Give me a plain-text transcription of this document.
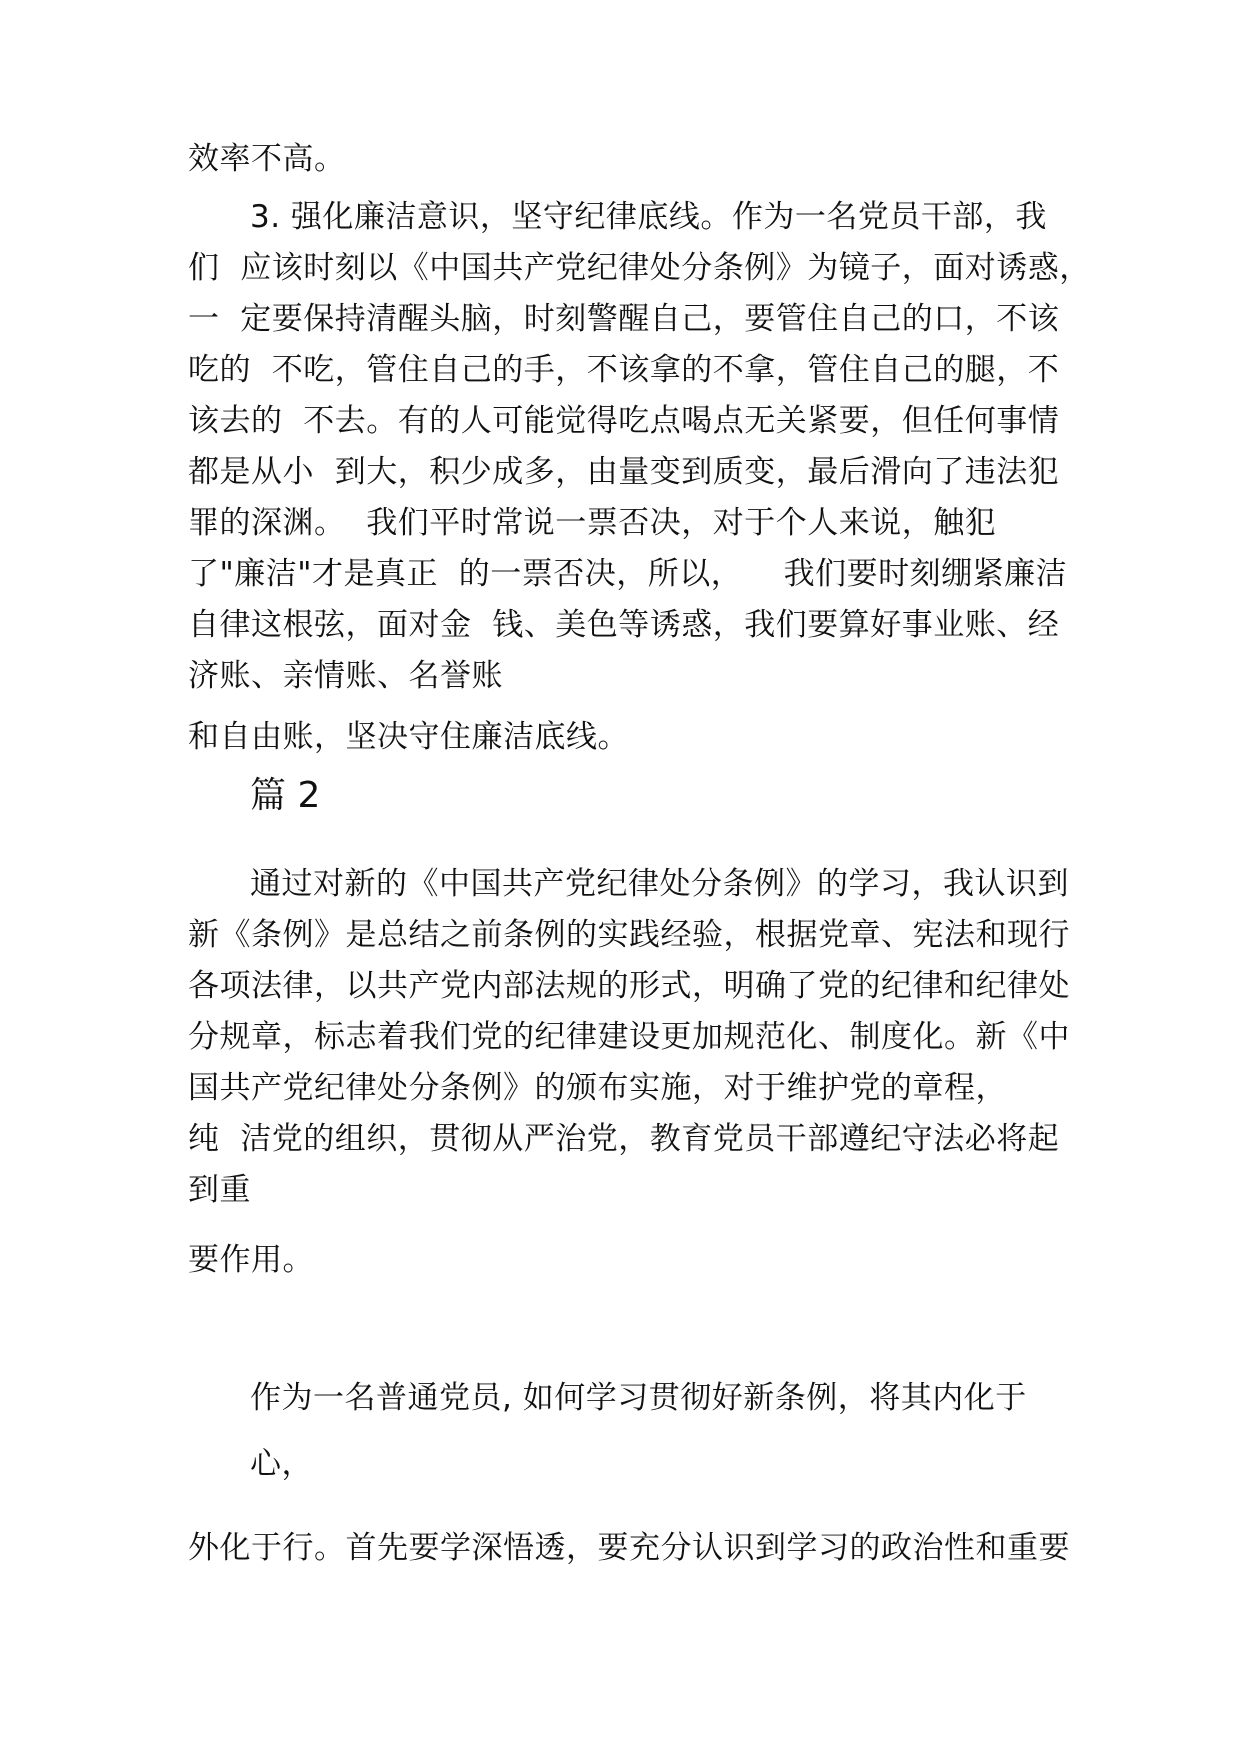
效率不高。
3. 强化廉洁意识，坚守纪律底线。作为一名党员干部，我
们  应该时刻以《中国共产党纪律处分条例》为镜子，面对诱惑，
一  定要保持清醒头脑，时刻警醒自己，要管住自己的口，不该
吃的  不吃，管住自己的手，不该拿的不拿，管住自己的腿，不
该去的  不去。有的人可能觉得吃点喝点无关紧要，但任何事情
都是从小  到大，积少成多，由量变到质变，最后滑向了违法犯
罪的深渊。  我们平时常说一票否决，对于个人来说，触犯
了"廉洁"才是真正  的一票否决，所以，    我们要时刻绷紧廉洁
自律这根弦，面对金  钱、美色等诱惑，我们要算好事业账、经
济账、亲情账、名誉账
和自由账，坚决守住廉洁底线。
篇 2
通过对新的《中国共产党纪律处分条例》的学习，我认识到
新《条例》是总结之前条例的实践经验，根据党章、宪法和现行
各项法律，以共产党内部法规的形式，明确了党的纪律和纪律处
分规章，标志着我们党的纪律建设更加规范化、制度化。新《中
国共产党纪律处分条例》的颁布实施，对于维护党的章程，
纯  洁党的组织，贯彻从严治党，教育党员干部遵纪守法必将起
到重
要作用。
作为一名普通党员, 如何学习贯彻好新条例，将其内化于
心，
外化于行。首先要学深悟透，要充分认识到学习的政治性和重要
